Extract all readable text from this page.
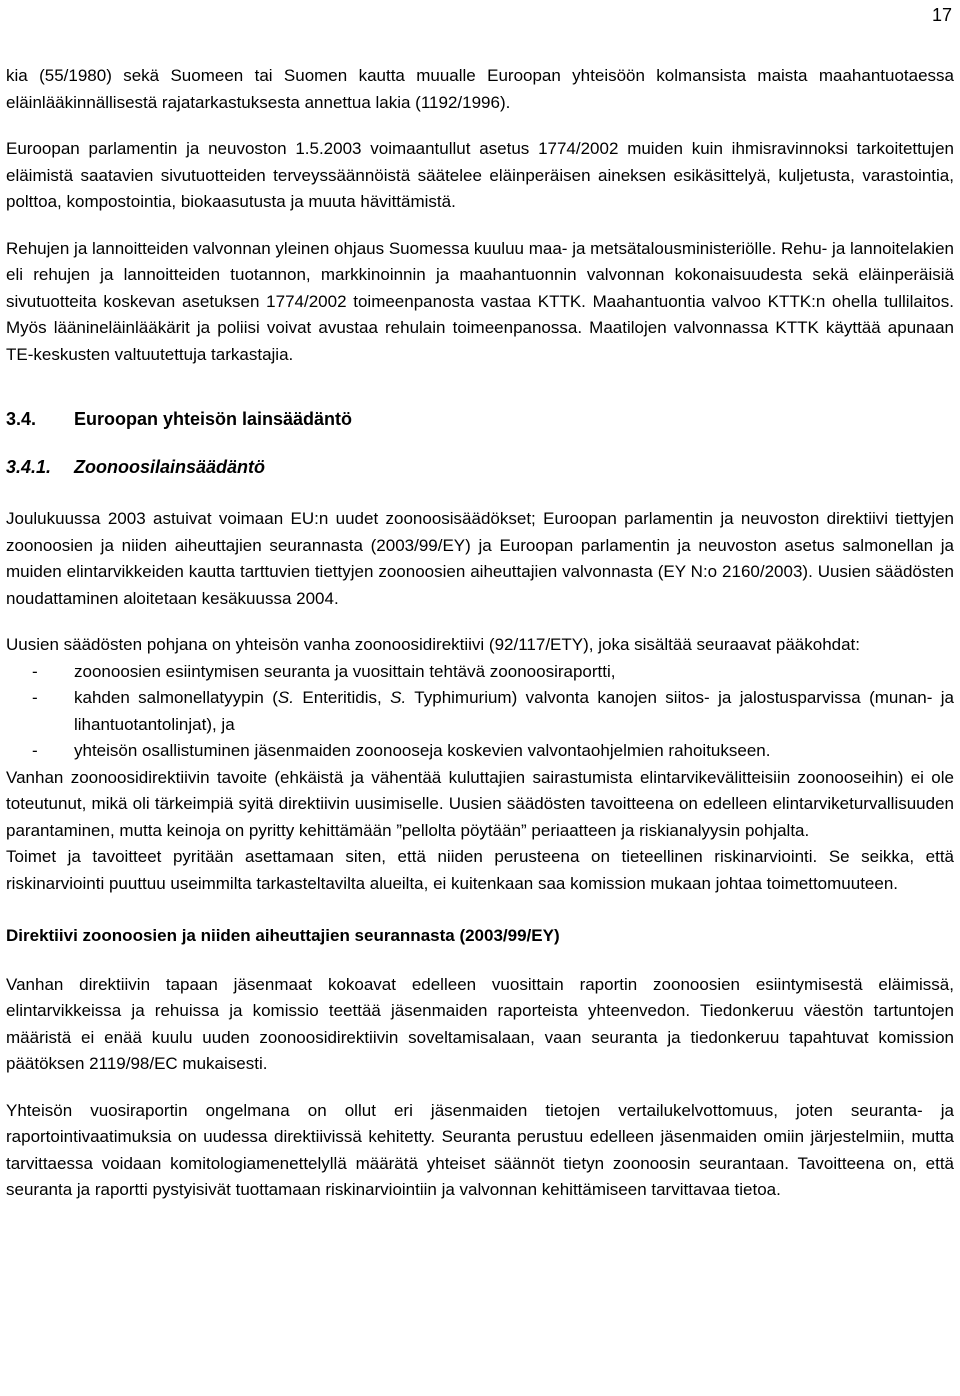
17

kia (55/1980) sekä Suomeen tai Suomen kautta muualle Euroopan yhteisöön kolmansista maista maahantuotaessa eläinlääkinnällisestä rajatarkastuksesta annettua lakia (1192/1996).

Euroopan parlamentin ja neuvoston 1.5.2003 voimaantullut asetus 1774/2002 muiden kuin ihmisravinnoksi tarkoitettujen eläimistä saatavien sivutuotteiden terveyssäännöistä säätelee eläinperäisen aineksen esikäsittelyä, kuljetusta, varastointia, polttoa, kompostointia, biokaasutusta ja muuta hävittämistä.

Rehujen ja lannoitteiden valvonnan yleinen ohjaus Suomessa kuuluu maa- ja metsätalousministeriölle. Rehu- ja lannoitelakien eli rehujen ja lannoitteiden tuotannon, markkinoinnin ja maahantuonnin valvonnan kokonaisuudesta sekä eläinperäisiä sivutuotteita koskevan asetuksen 1774/2002 toimeenpanosta vastaa KTTK. Maahantuontia valvoo KTTK:n ohella tullilaitos. Myös läänineläinlääkärit ja poliisi voivat avustaa rehulain toimeenpanossa. Maatilojen valvonnassa KTTK käyttää apunaan TE-keskusten valtuutettuja tarkastajia.

3.4.	Euroopan yhteisön lainsäädäntö
3.4.1.	Zoonoosilainsäädäntö

Joulukuussa 2003 astuivat voimaan EU:n uudet zoonoosisäädökset; Euroopan parlamentin ja neuvoston direktiivi tiettyjen zoonoosien ja niiden aiheuttajien seurannasta (2003/99/EY) ja Euroopan parlamentin ja neuvoston asetus salmonellan ja muiden elintarvikkeiden kautta tarttuvien tiettyjen zoonoosien aiheuttajien valvonnasta (EY N:o 2160/2003). Uusien säädösten noudattaminen aloitetaan kesäkuussa 2004.

Uusien säädösten pohjana on yhteisön vanha zoonoosidirektiivi (92/117/ETY), joka sisältää seuraavat pääkohdat:

-	zoonoosien esiintymisen seuranta ja vuosittain tehtävä zoonoosiraportti,
-	kahden salmonellatyypin (S. Enteritidis, S. Typhimurium) valvonta kanojen siitos- ja jalostusparvissa (munan- ja lihantuotantolinjat), ja
-	yhteisön osallistuminen jäsenmaiden zoonooseja koskevien valvontaohjelmien rahoitukseen.

Vanhan zoonoosidirektiivin tavoite (ehkäistä ja vähentää kuluttajien sairastumista elintarvikevälitteisiin zoonooseihin) ei ole toteutunut, mikä oli tärkeimpiä syitä direktiivin uusimiselle. Uusien säädösten tavoitteena on edelleen elintarviketurvallisuuden parantaminen, mutta keinoja on pyritty kehittämään ”pellolta pöytään” periaatteen ja riskianalyysin pohjalta.

Toimet ja tavoitteet pyritään asettamaan siten, että niiden perusteena on tieteellinen riskinarviointi. Se seikka, että riskinarviointi puuttuu useimmilta tarkasteltavilta alueilta, ei kuitenkaan saa komission mukaan johtaa toimettomuuteen.

Direktiivi zoonoosien ja niiden aiheuttajien seurannasta (2003/99/EY)

Vanhan direktiivin tapaan jäsenmaat kokoavat edelleen vuosittain raportin zoonoosien esiintymisestä eläimissä, elintarvikkeissa ja rehuissa ja komissio teettää jäsenmaiden raporteista yhteenvedon. Tiedonkeruu väestön tartuntojen määristä ei enää kuulu uuden zoonoosidirektiivin soveltamisalaan, vaan seuranta ja tiedonkeruu tapahtuvat komission päätöksen 2119/98/EC mukaisesti.

Yhteisön vuosiraportin ongelmana on ollut eri jäsenmaiden tietojen vertailukelvottomuus, joten seuranta- ja raportointivaatimuksia on uudessa direktiivissä kehitetty. Seuranta perustuu edelleen jäsenmaiden omiin järjestelmiin, mutta tarvittaessa voidaan komitologiamenettelyllä määrätä yhteiset säännöt tietyn zoonoosin seurantaan. Tavoitteena on, että seuranta ja raportti pystyisivät tuottamaan riskinarviointiin ja valvonnan kehittämiseen tarvittavaa tietoa.
